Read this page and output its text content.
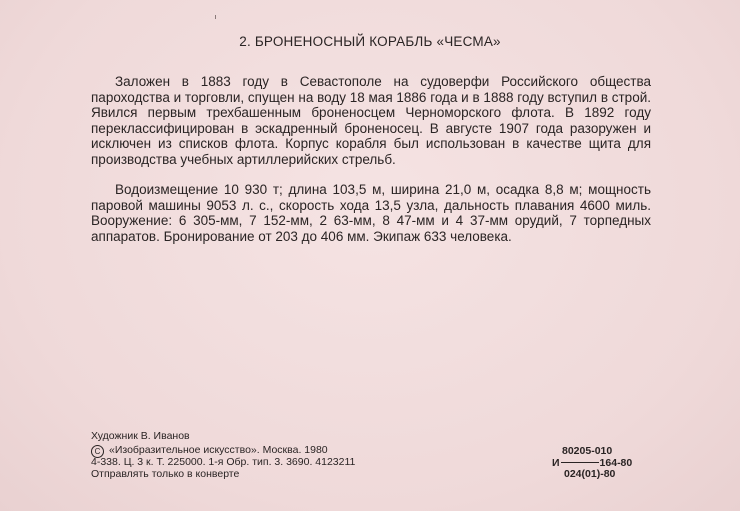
2. БРОНЕНОСНЫЙ КОРАБЛЬ «ЧЕСМА»

Заложен в 1883 году в Севастополе на судоверфи Российского общества пароходства и торговли, спущен на воду 18 мая 1886 года и в 1888 году вступил в строй. Явился первым трехбашенным броненосцем Черноморского флота. В 1892 году переклассифицирован в эскадренный броненосец. В августе 1907 года разоружен и исключен из списков флота. Корпус корабля был использован в качестве щита для производства учебных артиллерийских стрельб.

Водоизмещение 10 930 т; длина 103,5 м, ширина 21,0 м, осадка 8,8 м; мощность паровой машины 9053 л. с., скорость хода 13,5 узла, дальность плавания 4600 миль. Вооружение: 6 305-мм, 7 152-мм, 2 63-мм, 8 47-мм и 4 37-мм орудий, 7 торпедных аппаратов. Бронирование от 203 до 406 мм. Экипаж 633 человека.

Художник В. Иванов
C «Изобразительное искусство». Москва. 1980
4-338. Ц. 3 к. Т. 225000. 1-я Обр. тип. 3. 3690. 4123211
Отправлять только в конверте
80205-010
И	164-80
024(01)-80
